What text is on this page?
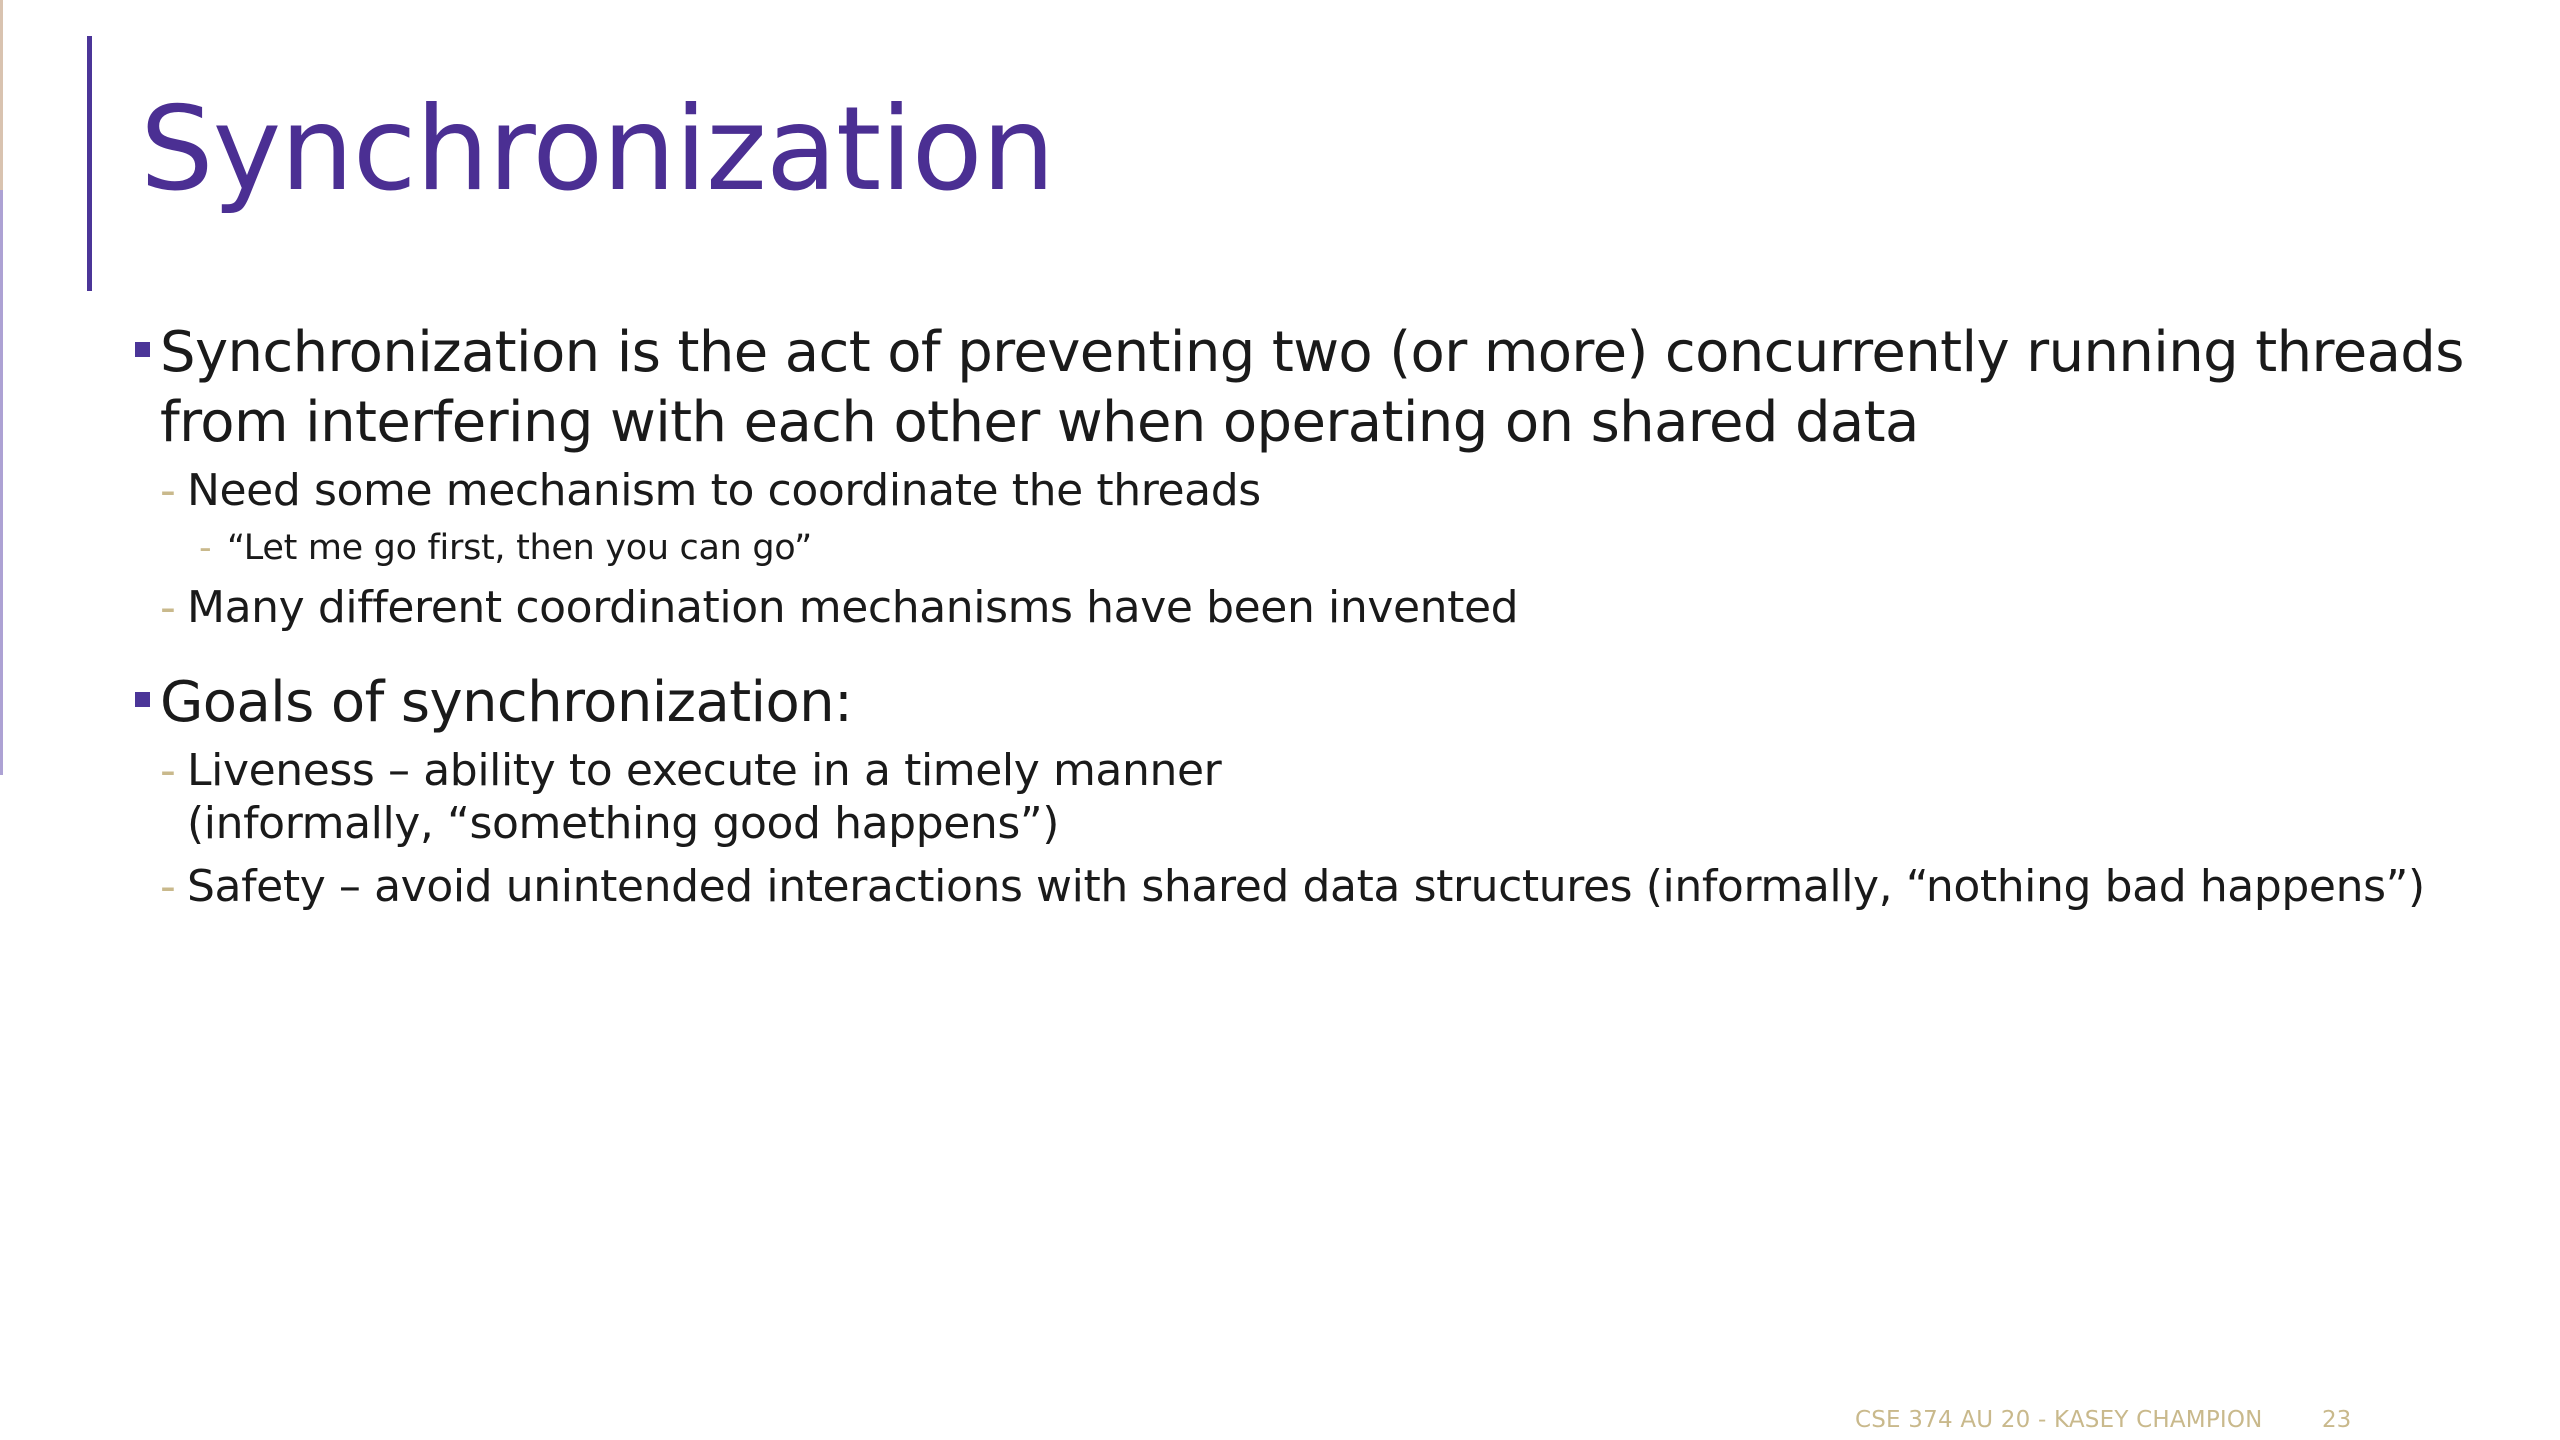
Synchronization
Synchronization is the act of preventing two (or more) concurrently running threads from interfering with each other when operating on shared data
- Need some mechanism to coordinate the threads
- “Let me go first, then you can go”
- Many different coordination mechanisms have been invented
Goals of synchronization:
- Liveness – ability to execute in a timely manner
(informally, “something good happens”)
- Safety – avoid unintended interactions with shared data structures (informally, “nothing bad happens”)
CSE 374 AU 20 - KASEY CHAMPION	23
